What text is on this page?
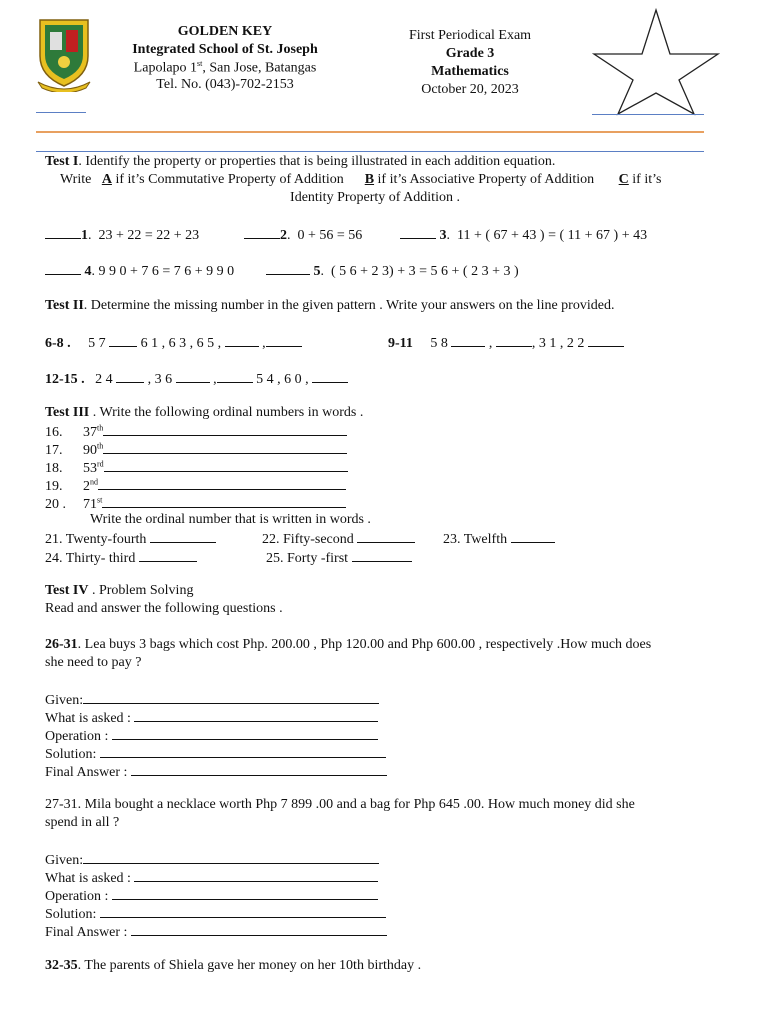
GOLDEN KEY
Integrated School of St. Joseph
Lapolapo 1st, San Jose, Batangas
Tel. No. (043)-702-2153
First Periodical Exam
Grade 3
Mathematics
October 20, 2023
Test I. Identify the property or properties that is being illustrated in each addition equation.
Write A if it’s Commutative Property of Addition B if it’s Associative Property of Addition C if it’s
Identity Property of Addition .
1.  23 + 22 = 22 + 23	2.  0 + 56 = 56	3.  11 + ( 67 + 43 ) = ( 11 + 67 ) + 43
4. 9 9 0 + 7 6 = 7 6 + 9 9 0	5.  ( 5 6 + 2 3) + 3 = 5 6 + ( 2 3 + 3 )
Test II. Determine the missing number in the given pattern . Write your answers on the line provided.
6-8 . 5 7	6 1 , 6 3 , 6 5 ,	,	9-11 5 8	,	, 3 1 , 2 2
12-15 . 2 4	, 3 6	,	5 4 , 6 0 ,
Test III . Write the following ordinal numbers in words .
16. 37th
17. 90th
18. 53rd
19. 2nd
20 . 71st
Write the ordinal number that is written in words .
21. Twenty-fourth	22. Fifty-second	23. Twelfth
24. Thirty- third	25. Forty -first
Test IV . Problem Solving
Read and answer the following questions .
26-31. Lea buys 3 bags which cost Php. 200.00 , Php 120.00 and Php 600.00 , respectively .How much does
she need to pay ?
Given:
What is asked :
Operation :
Solution:
Final Answer :
27-31. Mila bought a necklace worth Php 7 899 .00 and a bag for Php 645 .00. How much money did she
spend in all ?
Given:
What is asked :
Operation :
Solution:
Final Answer :
32-35. The parents of Shiela gave her money on her 10th birthday .
